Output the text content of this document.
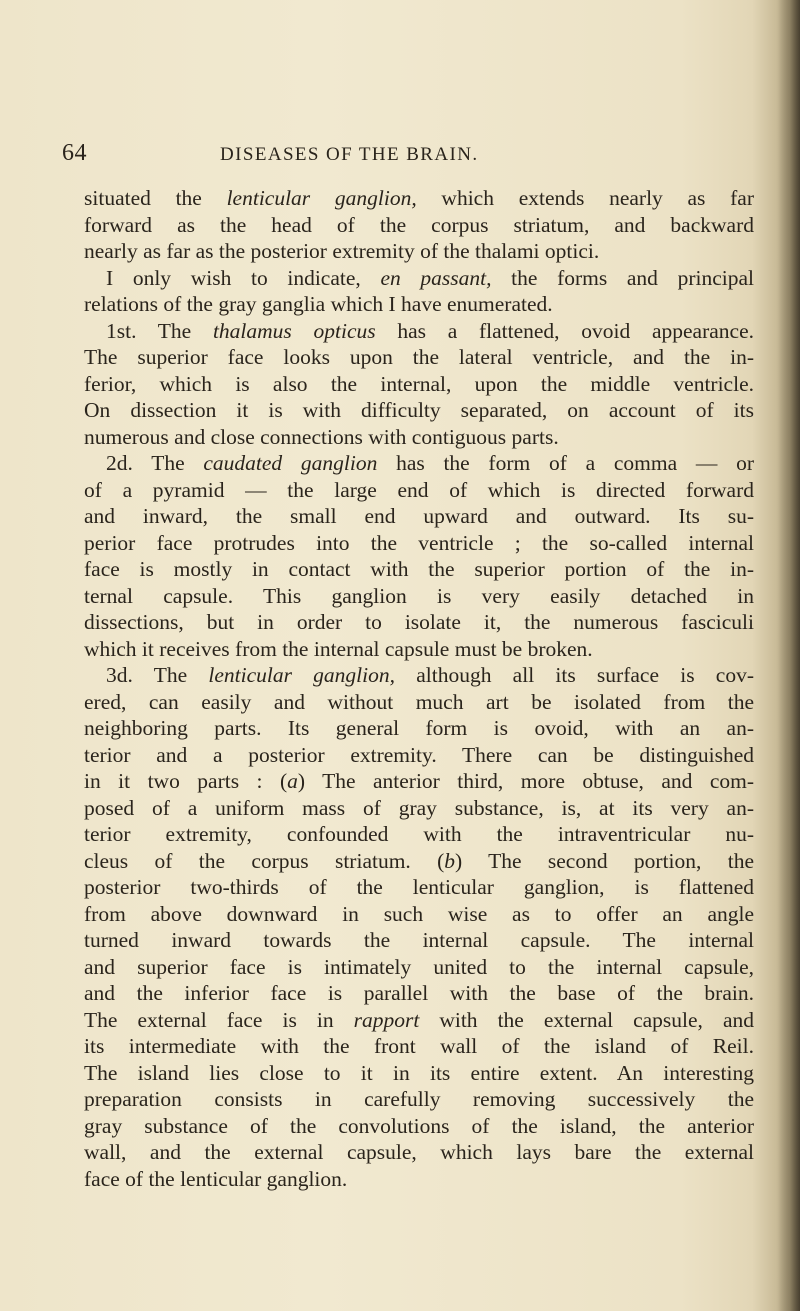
64	DISEASES OF THE BRAIN.
situated the lenticular ganglion, which extends nearly as far
forward as the head of the corpus striatum, and backward
nearly as far as the posterior extremity of the thalami optici.
I only wish to indicate, en passant, the forms and principal
relations of the gray ganglia which I have enumerated.
1st. The thalamus opticus has a flattened, ovoid appearance.
The superior face looks upon the lateral ventricle, and the in-
ferior, which is also the internal, upon the middle ventricle.
On dissection it is with difficulty separated, on account of its
numerous and close connections with contiguous parts.
2d. The caudated ganglion has the form of a comma — or
of a pyramid — the large end of which is directed forward
and inward, the small end upward and outward. Its su-
perior face protrudes into the ventricle ; the so-called internal
face is mostly in contact with the superior portion of the in-
ternal capsule. This ganglion is very easily detached in
dissections, but in order to isolate it, the numerous fasciculi
which it receives from the internal capsule must be broken.
3d. The lenticular ganglion, although all its surface is cov-
ered, can easily and without much art be isolated from the
neighboring parts. Its general form is ovoid, with an an-
terior and a posterior extremity. There can be distinguished
in it two parts : (a) The anterior third, more obtuse, and com-
posed of a uniform mass of gray substance, is, at its very an-
terior extremity, confounded with the intraventricular nu-
cleus of the corpus striatum. (b) The second portion, the
posterior two-thirds of the lenticular ganglion, is flattened
from above downward in such wise as to offer an angle
turned inward towards the internal capsule. The internal
and superior face is intimately united to the internal capsule,
and the inferior face is parallel with the base of the brain.
The external face is in rapport with the external capsule, and
its intermediate with the front wall of the island of Reil.
The island lies close to it in its entire extent. An interesting
preparation consists in carefully removing successively the
gray substance of the convolutions of the island, the anterior
wall, and the external capsule, which lays bare the external
face of the lenticular ganglion.
